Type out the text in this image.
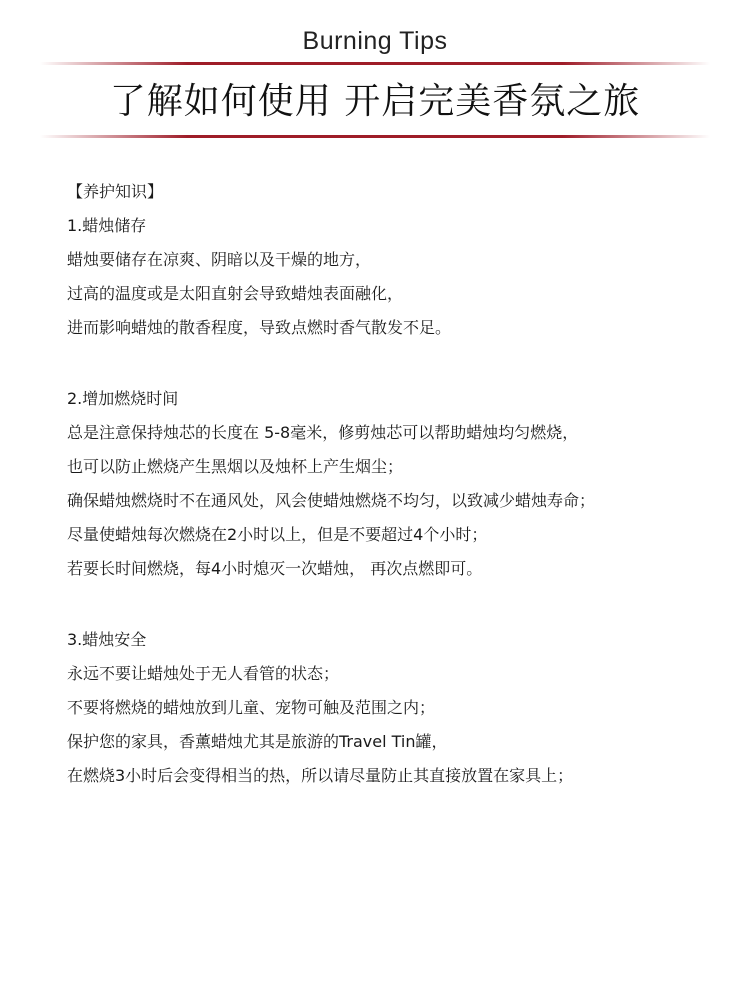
Burning Tips
了解如何使用 开启完美香氛之旅
【养护知识】
1.蜡烛储存
蜡烛要储存在凉爽、阴暗以及干燥的地方，
过高的温度或是太阳直射会导致蜡烛表面融化，
进而影响蜡烛的散香程度，导致点燃时香气散发不足。
2.增加燃烧时间
总是注意保持烛芯的长度在 5-8毫米，修剪烛芯可以帮助蜡烛均匀燃烧，
也可以防止燃烧产生黑烟以及烛杯上产生烟尘；
确保蜡烛燃烧时不在通风处，风会使蜡烛燃烧不均匀，以致减少蜡烛寿命；
尽量使蜡烛每次燃烧在2小时以上，但是不要超过4个小时；
若要长时间燃烧，每4小时熄灭一次蜡烛， 再次点燃即可。
3.蜡烛安全
永远不要让蜡烛处于无人看管的状态；
不要将燃烧的蜡烛放到儿童、宠物可触及范围之内；
保护您的家具，香薰蜡烛尤其是旅游的Travel Tin罐，
在燃烧3小时后会变得相当的热，所以请尽量防止其直接放置在家具上；
